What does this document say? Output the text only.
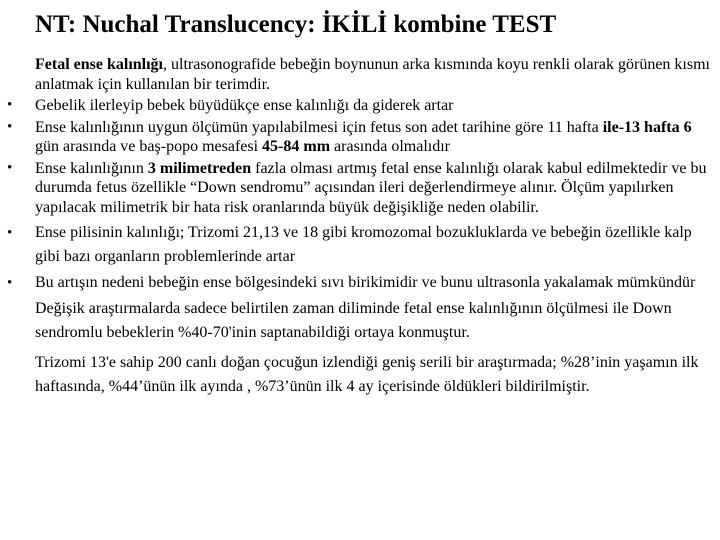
NT: Nuchal Translucency: İKİLİ kombine TEST

Fetal ense kalınlığı, ultrasonografide bebeğin boynunun arka kısmında koyu renkli olarak görünen kısmı anlatmak için kullanılan bir terimdir.

• Gebelik ilerleyip bebek büyüdükçe ense kalınlığı da giderek artar

• Ense kalınlığının uygun ölçümün yapılabilmesi için fetus son adet tarihine göre 11 hafta ile-13 hafta 6 gün arasında ve baş-popo mesafesi 45-84 mm arasında olmalıdır

• Ense kalınlığının 3 milimetreden fazla olması artmış fetal ense kalınlığı olarak kabul edilmektedir ve bu durumda fetus özellikle “Down sendromu” açısından ileri değerlendirmeye alınır. Ölçüm yapılırken yapılacak milimetrik bir hata risk oranlarında büyük değişikliğe neden olabilir.

• Ense pilisinin kalınlığı; Trizomi 21,13 ve 18 gibi kromozomal bozukluklarda ve bebeğin özellikle kalp gibi bazı organların problemlerinde artar

• Bu artışın nedeni bebeğin ense bölgesindeki sıvı birikimidir ve bunu ultrasonla yakalamak mümkündür

Değişik araştırmalarda sadece belirtilen zaman diliminde fetal ense kalınlığının ölçülmesi ile Down sendromlu bebeklerin %40-70'inin saptanabildiği ortaya konmuştur.

Trizomi 13'e sahip 200 canlı doğan çocuğun izlendiği geniş serili bir araştırmada; %28’inin yaşamın ilk haftasında, %44’ünün ilk ayında , %73’ünün ilk 4 ay içerisinde öldükleri bildirilmiştir.
